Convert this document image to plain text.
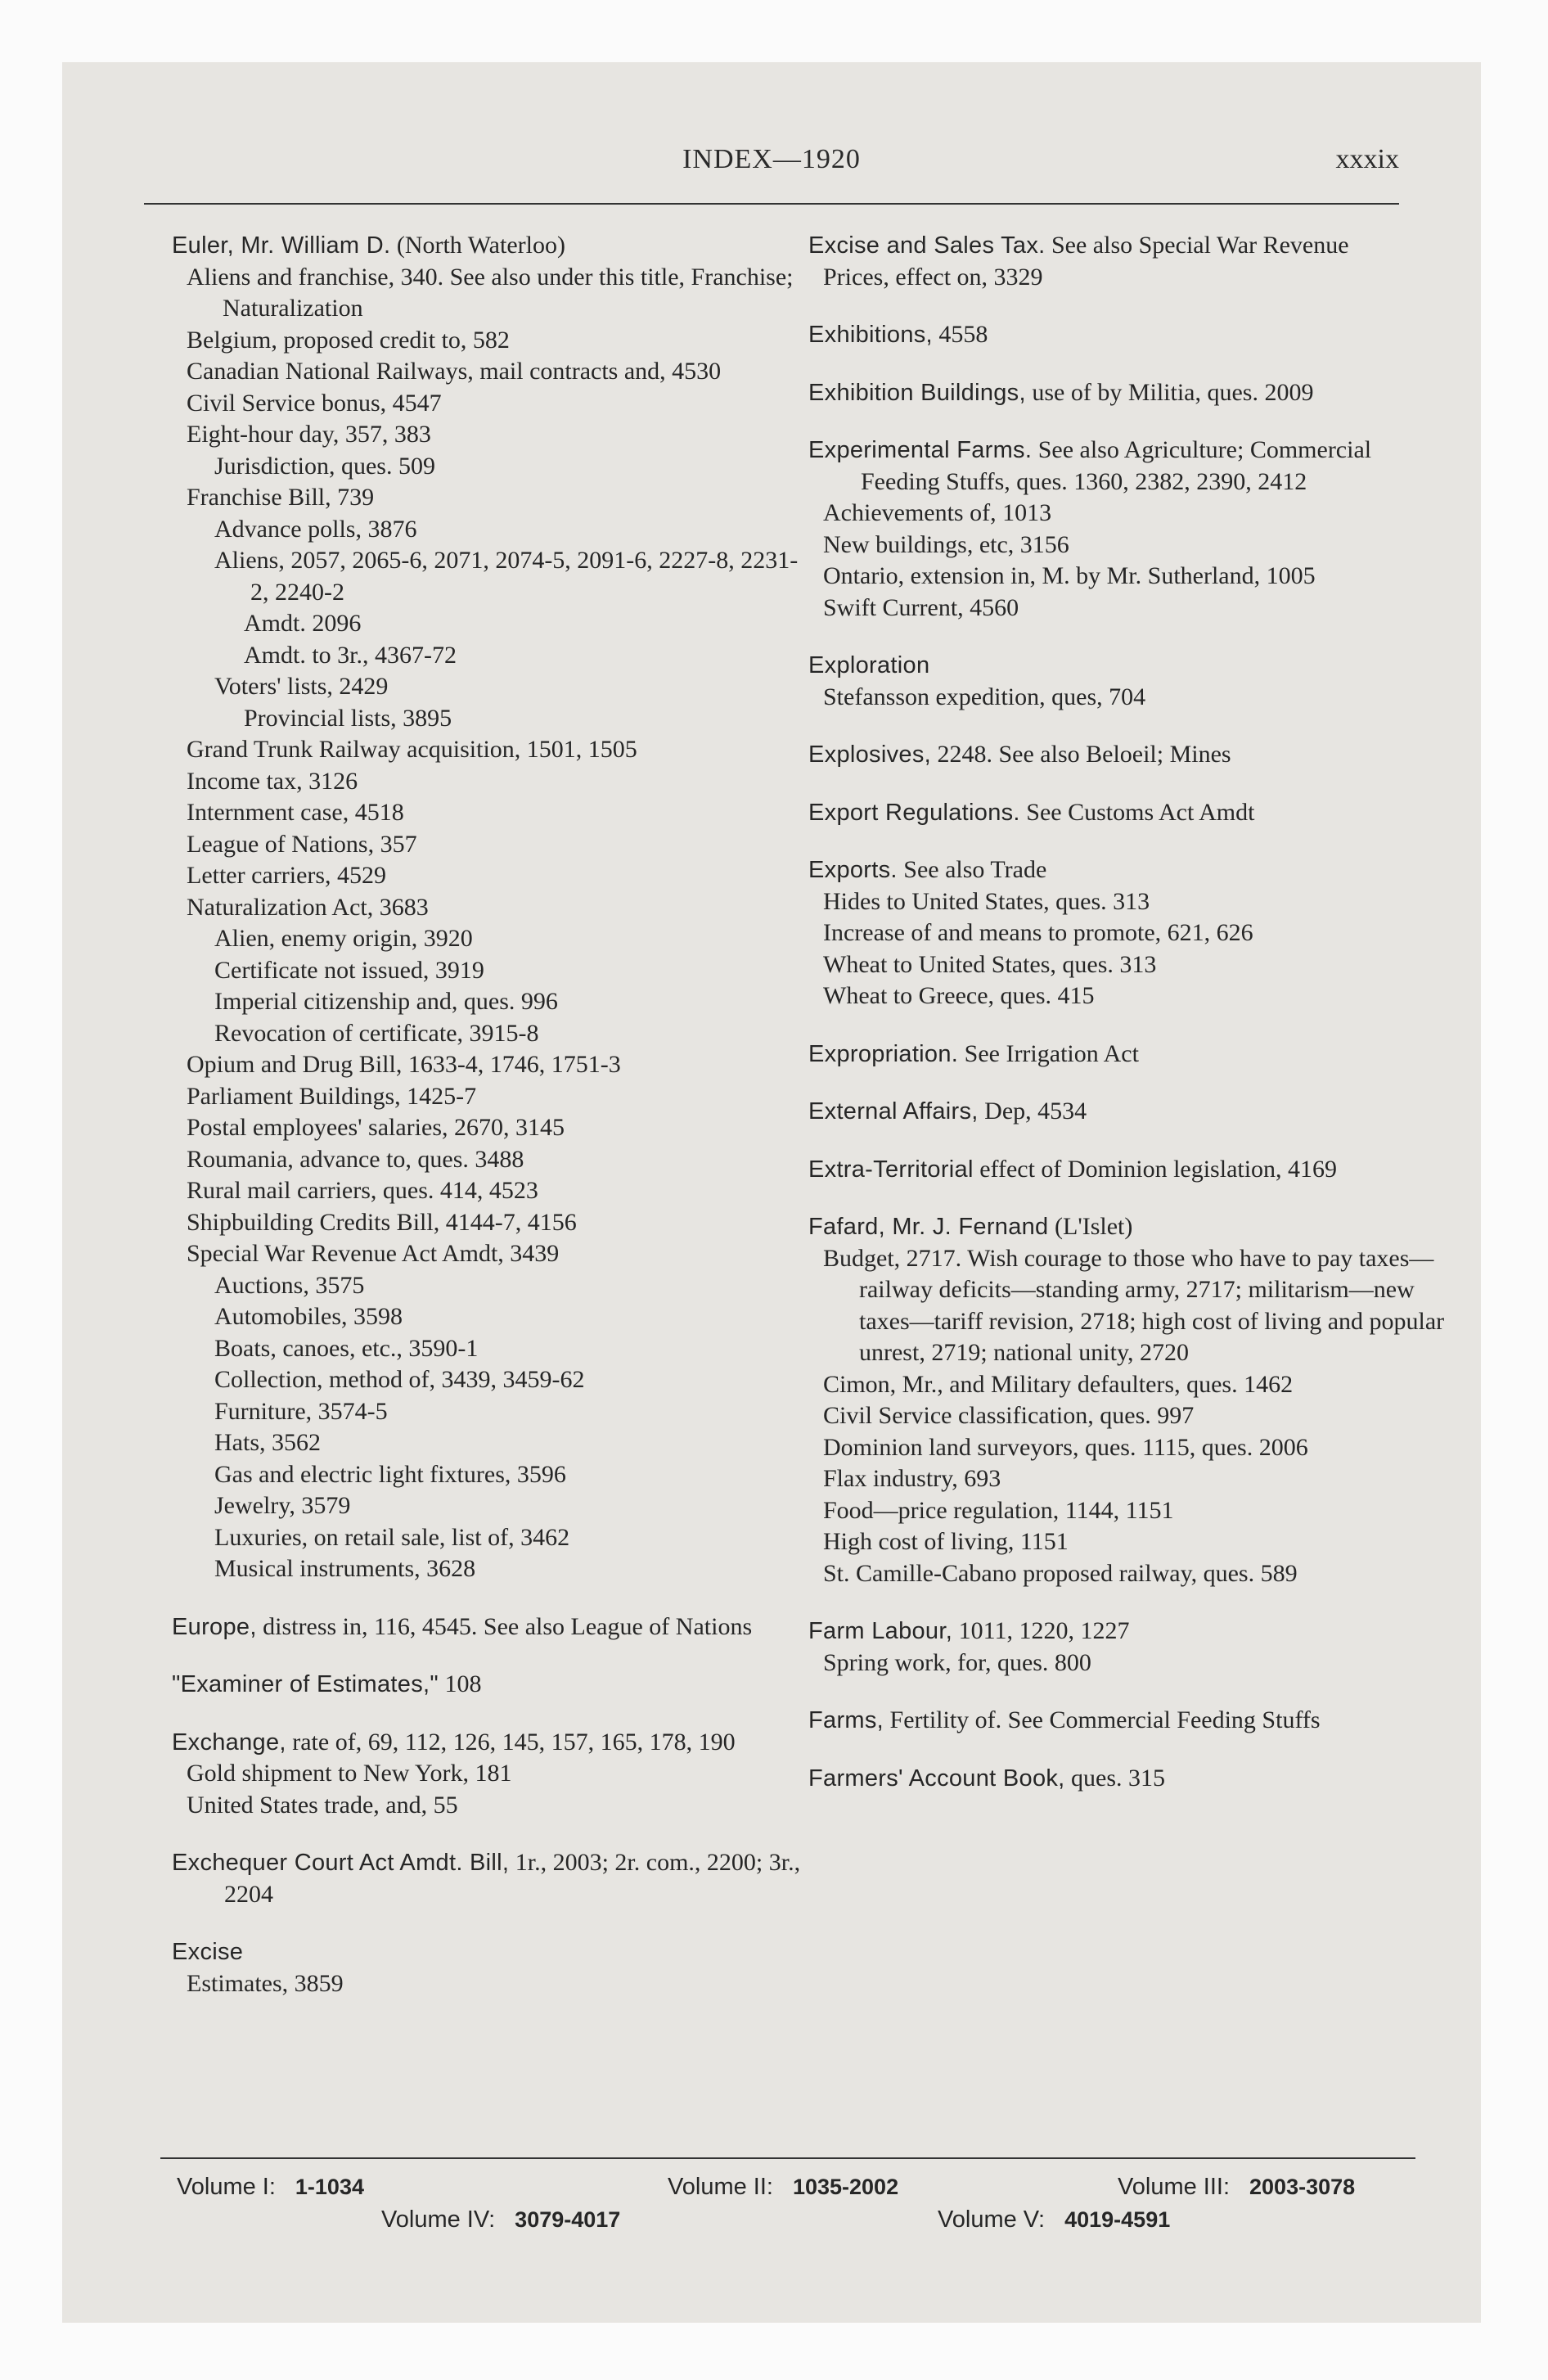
INDEX—1920	xxxix
Euler, Mr. William D. (North Waterloo)
Aliens and franchise, 340. See also under this title, Franchise; Naturalization
Belgium, proposed credit to, 582
Canadian National Railways, mail contracts and, 4530
Civil Service bonus, 4547
Eight-hour day, 357, 383
Jurisdiction, ques. 509
Franchise Bill, 739
Advance polls, 3876
Aliens, 2057, 2065-6, 2071, 2074-5, 2091-6, 2227-8, 2231-2, 2240-2
Amdt. 2096
Amdt. to 3r., 4367-72
Voters' lists, 2429
Provincial lists, 3895
Grand Trunk Railway acquisition, 1501, 1505
Income tax, 3126
Internment case, 4518
League of Nations, 357
Letter carriers, 4529
Naturalization Act, 3683
Alien, enemy origin, 3920
Certificate not issued, 3919
Imperial citizenship and, ques. 996
Revocation of certificate, 3915-8
Opium and Drug Bill, 1633-4, 1746, 1751-3
Parliament Buildings, 1425-7
Postal employees' salaries, 2670, 3145
Roumania, advance to, ques. 3488
Rural mail carriers, ques. 414, 4523
Shipbuilding Credits Bill, 4144-7, 4156
Special War Revenue Act Amdt, 3439
Auctions, 3575
Automobiles, 3598
Boats, canoes, etc., 3590-1
Collection, method of, 3439, 3459-62
Furniture, 3574-5
Hats, 3562
Gas and electric light fixtures, 3596
Jewelry, 3579
Luxuries, on retail sale, list of, 3462
Musical instruments, 3628
Europe, distress in, 116, 4545. See also League of Nations
"Examiner of Estimates," 108
Exchange, rate of, 69, 112, 126, 145, 157, 165, 178, 190
Gold shipment to New York, 181
United States trade, and, 55
Exchequer Court Act Amdt. Bill, 1r., 2003; 2r. com., 2200; 3r., 2204
Excise
Estimates, 3859
Excise and Sales Tax. See also Special War Revenue
Prices, effect on, 3329
Exhibitions, 4558
Exhibition Buildings, use of by Militia, ques. 2009
Experimental Farms. See also Agriculture; Commercial Feeding Stuffs, ques. 1360, 2382, 2390, 2412
Achievements of, 1013
New buildings, etc, 3156
Ontario, extension in, M. by Mr. Sutherland, 1005
Swift Current, 4560
Exploration
Stefansson expedition, ques, 704
Explosives, 2248. See also Beloeil; Mines
Export Regulations. See Customs Act Amdt
Exports. See also Trade
Hides to United States, ques. 313
Increase of and means to promote, 621, 626
Wheat to United States, ques. 313
Wheat to Greece, ques. 415
Expropriation. See Irrigation Act
External Affairs, Dep, 4534
Extra-Territorial effect of Dominion legislation, 4169
Fafard, Mr. J. Fernand (L'Islet)
Budget, 2717. Wish courage to those who have to pay taxes—railway deficits—standing army, 2717; militarism—new taxes—tariff revision, 2718; high cost of living and popular unrest, 2719; national unity, 2720
Cimon, Mr., and Military defaulters, ques. 1462
Civil Service classification, ques. 997
Dominion land surveyors, ques. 1115, ques. 2006
Flax industry, 693
Food—price regulation, 1144, 1151
High cost of living, 1151
St. Camille-Cabano proposed railway, ques. 589
Farm Labour, 1011, 1220, 1227
Spring work, for, ques. 800
Farms, Fertility of. See Commercial Feeding Stuffs
Farmers' Account Book, ques. 315
Volume I: 1-1034	Volume II: 1035-2002	Volume III: 2003-3078
Volume IV: 3079-4017	Volume V: 4019-4591
